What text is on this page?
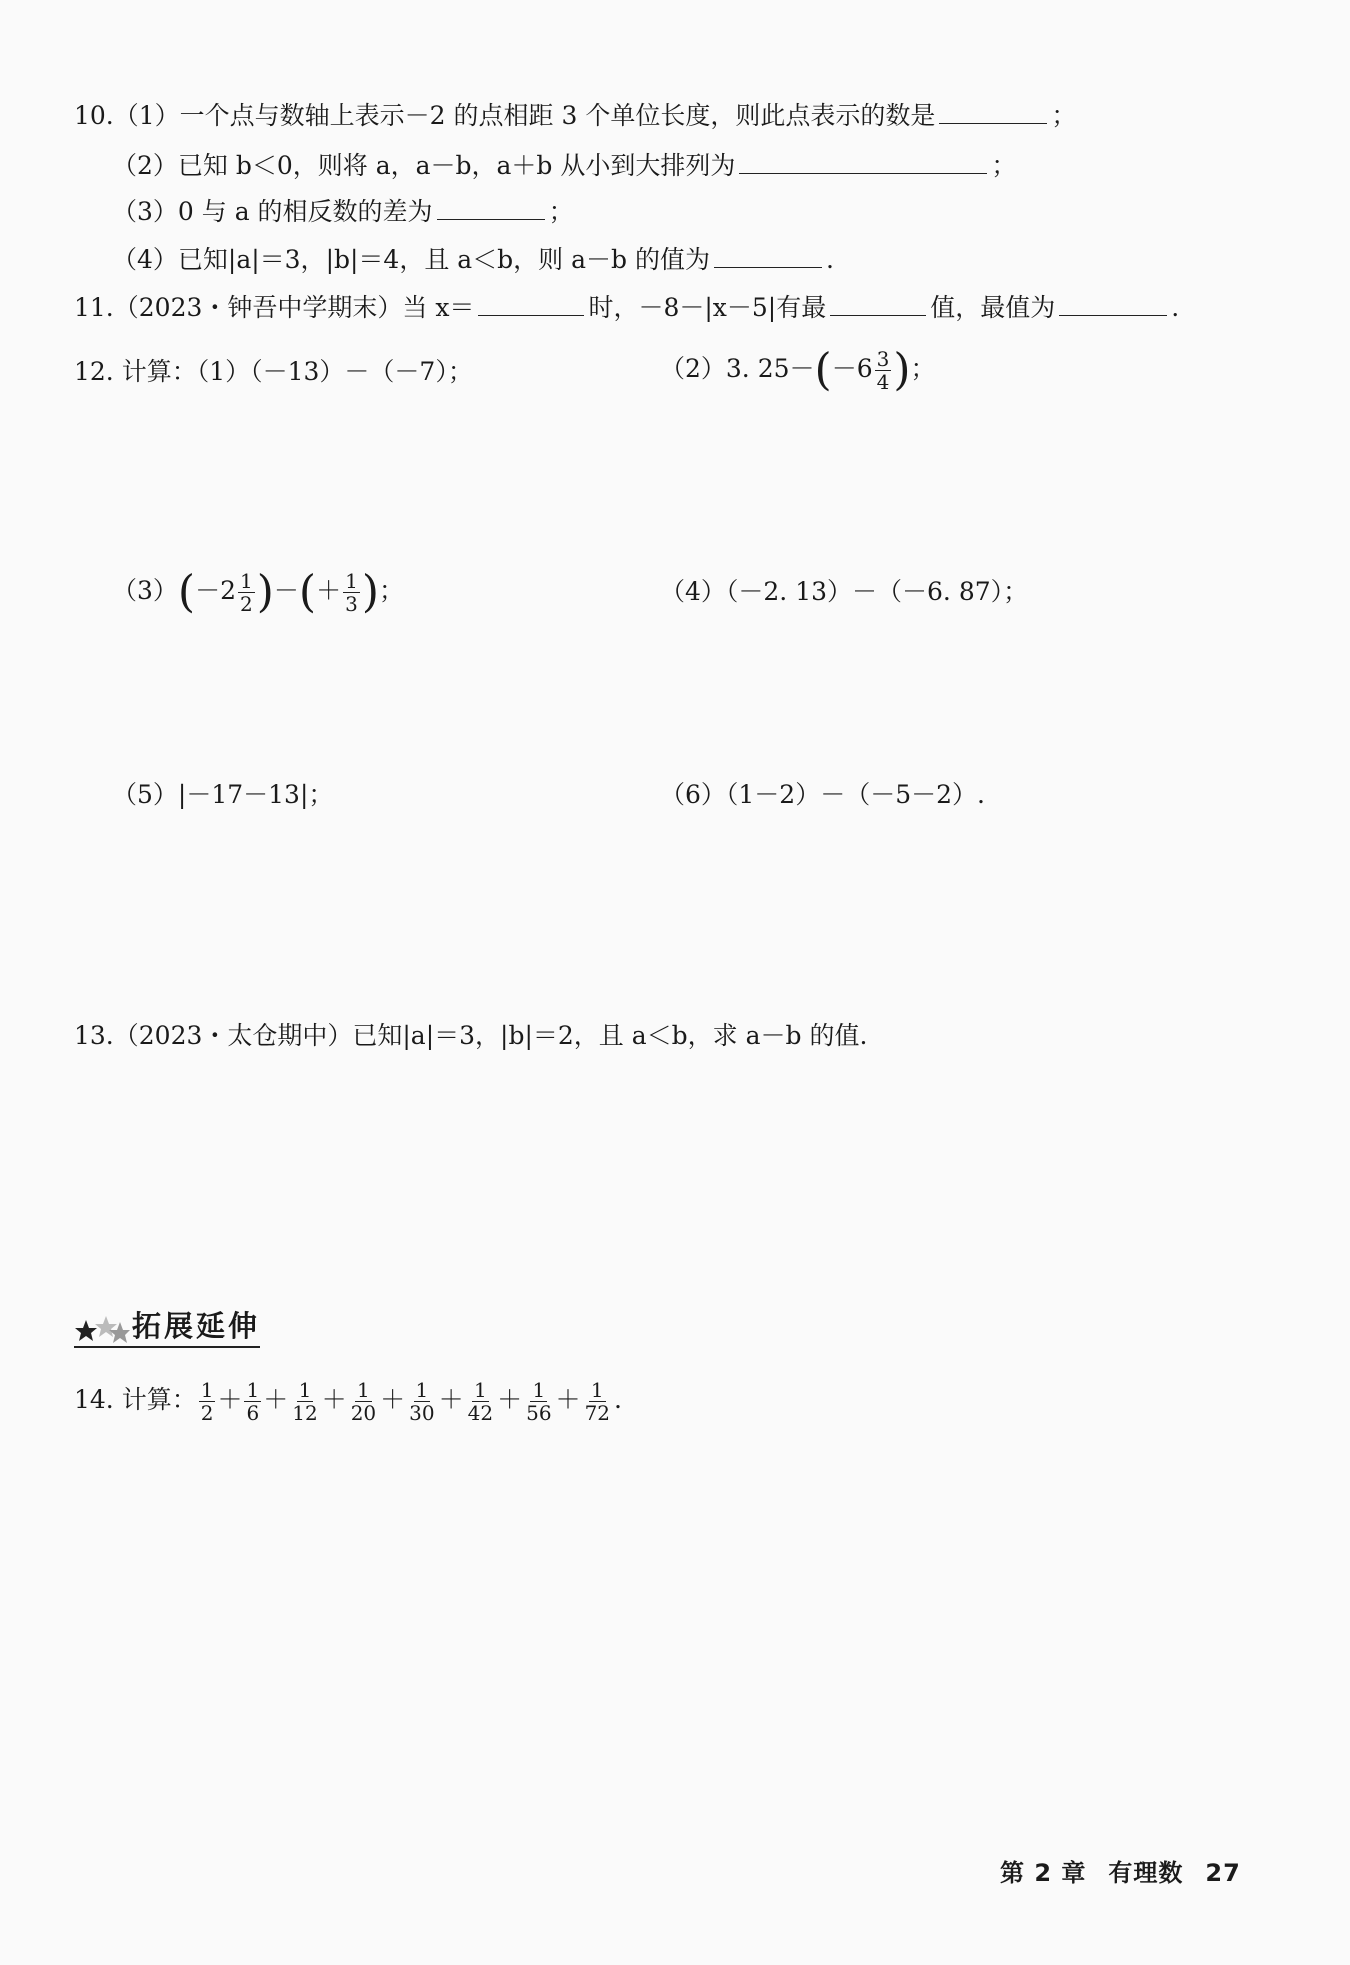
10.（1）一个点与数轴上表示－2 的点相距 3 个单位长度，则此点表示的数是	；
（2）已知 b＜0，则将 a，a－b，a＋b 从小到大排列为	；
（3）0 与 a 的相反数的差为	；
（4）已知|a|＝3，|b|＝4，且 a＜b，则 a－b 的值为	.
11.（2023・钟吾中学期末）当 x＝	时，－8－|x－5|有最	值，最值为	.
12. 计算：（1）（－13）－（－7）；	（2）3. $25-(-6 \frac{3}{4}$ )；
$(3)(-2 \frac{1}{2}$ )－(＋ $\frac{1}{3}$ )；	（4）（－2. 13）－（－6. 87）；
（5）|－17－13|；	（6）（1－2）－（－5－2）.
13.（2023・太仓期中）已知|a|＝3，|b|＝2，且 a＜b，求 a－b 的值.
拓展延伸
14. 计算： $\frac{1}{2} + \frac{1}{6} + \frac{1}{12} + \frac{1}{20} + \frac{1}{30} + \frac{1}{42} + \frac{1}{56} + \frac{1}{72}$ .
第 2 章 有理数 27
